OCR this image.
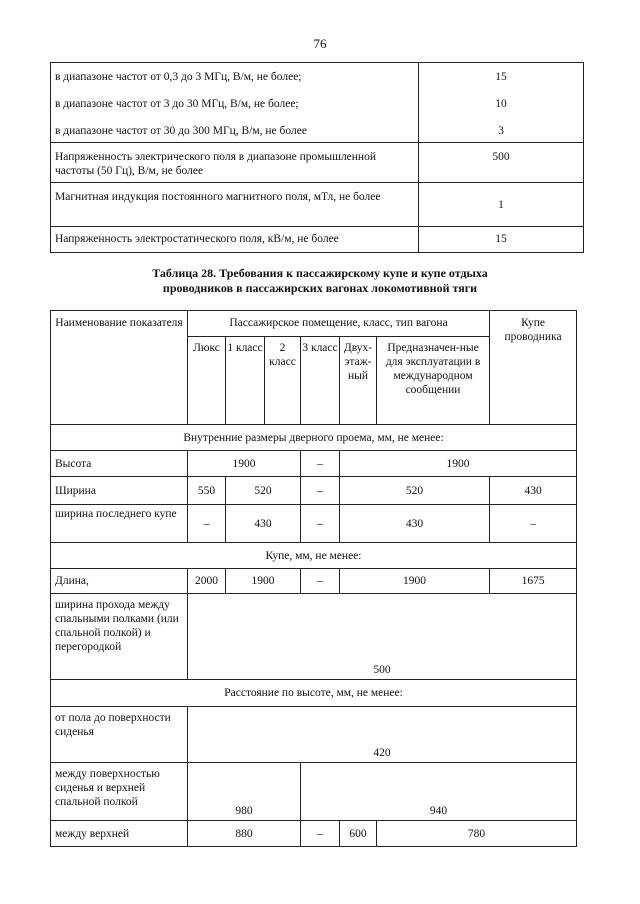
76
в диапазоне частот от 0,3 до 3 МГц, В/м, не более;	15
в диапазоне частот от 3 до 30 МГц, В/м, не более;	10
в диапазоне частот от 30 до 300 МГц, В/м, не более	3
Напряженность электрического поля в диапазоне промышленной частоты (50 Гц), В/м, не более	500
Магнитная индукция постоянного магнитного поля, мТл, не более	1
Напряженность электростатического поля, кВ/м, не более	15
Таблица 28. Требования к пассажирскому купе и купе отдыха
проводников в пассажирских вагонах локомотивной тяги
Наименование показателя	Пассажирское помещение, класс, тип вагона						Купе проводника
	Люкс	1 класс	2 класс	3 класс	Двух-этаж-ный	Предназначен-ные для эксплуатации в международном сообщении	
Внутренние размеры дверного проема, мм, не менее:							
Высота	1900			–	1900		
Ширина	550	520		–	520		430
ширина последнего купе	–	430		–	430		–
Купе, мм, не менее:							
Длина,	2000	1900		–	1900		1675
ширина прохода между спальными полками (или спальной полкой) и перегородкой	500						
Расстояние по высоте, мм, не менее:							
от пола до поверхности сиденья	420						
между поверхностью сиденья и верхней спальной полкой	980			940			
между верхней	880			–	600	780	
